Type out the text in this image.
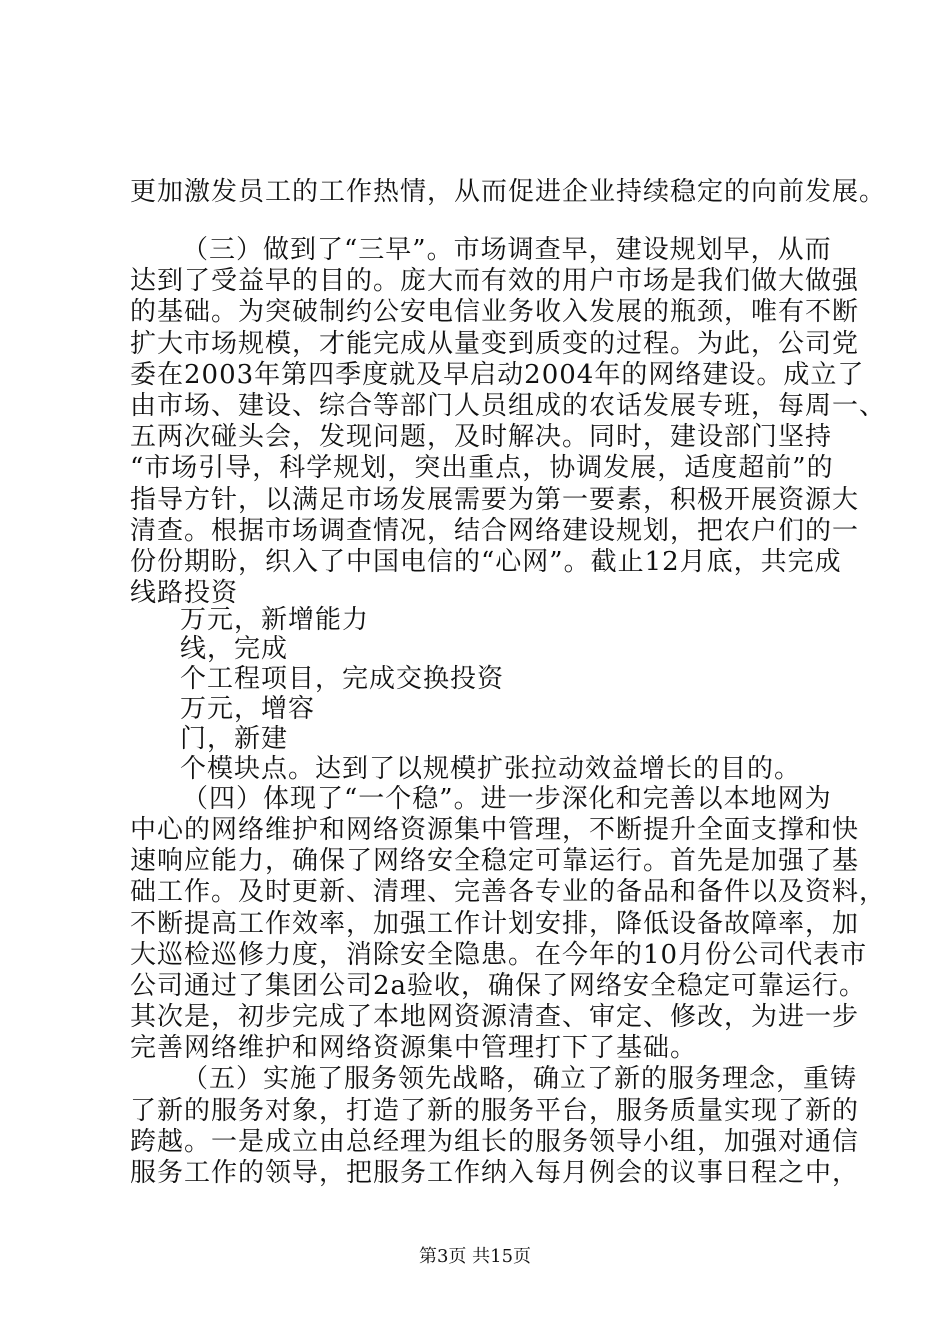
更加激发员工的工作热情，从而促进企业持续稳定的向前发展。
（三）做到了“三早”。市场调查早，建设规划早，从而
达到了受益早的目的。庞大而有效的用户市场是我们做大做强
的基础。为突破制约公安电信业务收入发展的瓶颈，唯有不断
扩大市场规模，才能完成从量变到质变的过程。为此，公司党
委在2003年第四季度就及早启动2004年的网络建设。成立了
由市场、建设、综合等部门人员组成的农话发展专班，每周一、
五两次碰头会，发现问题，及时解决。同时，建设部门坚持
“市场引导，科学规划，突出重点，协调发展，适度超前”的
指导方针，以满足市场发展需要为第一要素，积极开展资源大
清查。根据市场调查情况，结合网络建设规划，把农户们的一
份份期盼，织入了中国电信的“心网”。截止12月底，共完成
线路投资
万元，新增能力
线，完成
个工程项目，完成交换投资
万元，增容
门，新建
个模块点。达到了以规模扩张拉动效益增长的目的。
（四）体现了“一个稳”。进一步深化和完善以本地网为
中心的网络维护和网络资源集中管理，不断提升全面支撑和快
速响应能力，确保了网络安全稳定可靠运行。首先是加强了基
础工作。及时更新、清理、完善各专业的备品和备件以及资料，
不断提高工作效率，加强工作计划安排，降低设备故障率，加
大巡检巡修力度，消除安全隐患。在今年的10月份公司代表市
公司通过了集团公司2a验收，确保了网络安全稳定可靠运行。
其次是，初步完成了本地网资源清查、审定、修改，为进一步
完善网络维护和网络资源集中管理打下了基础。
（五）实施了服务领先战略，确立了新的服务理念，重铸
了新的服务对象，打造了新的服务平台，服务质量实现了新的
跨越。一是成立由总经理为组长的服务领导小组，加强对通信
服务工作的领导，把服务工作纳入每月例会的议事日程之中，
第3页 共15页
